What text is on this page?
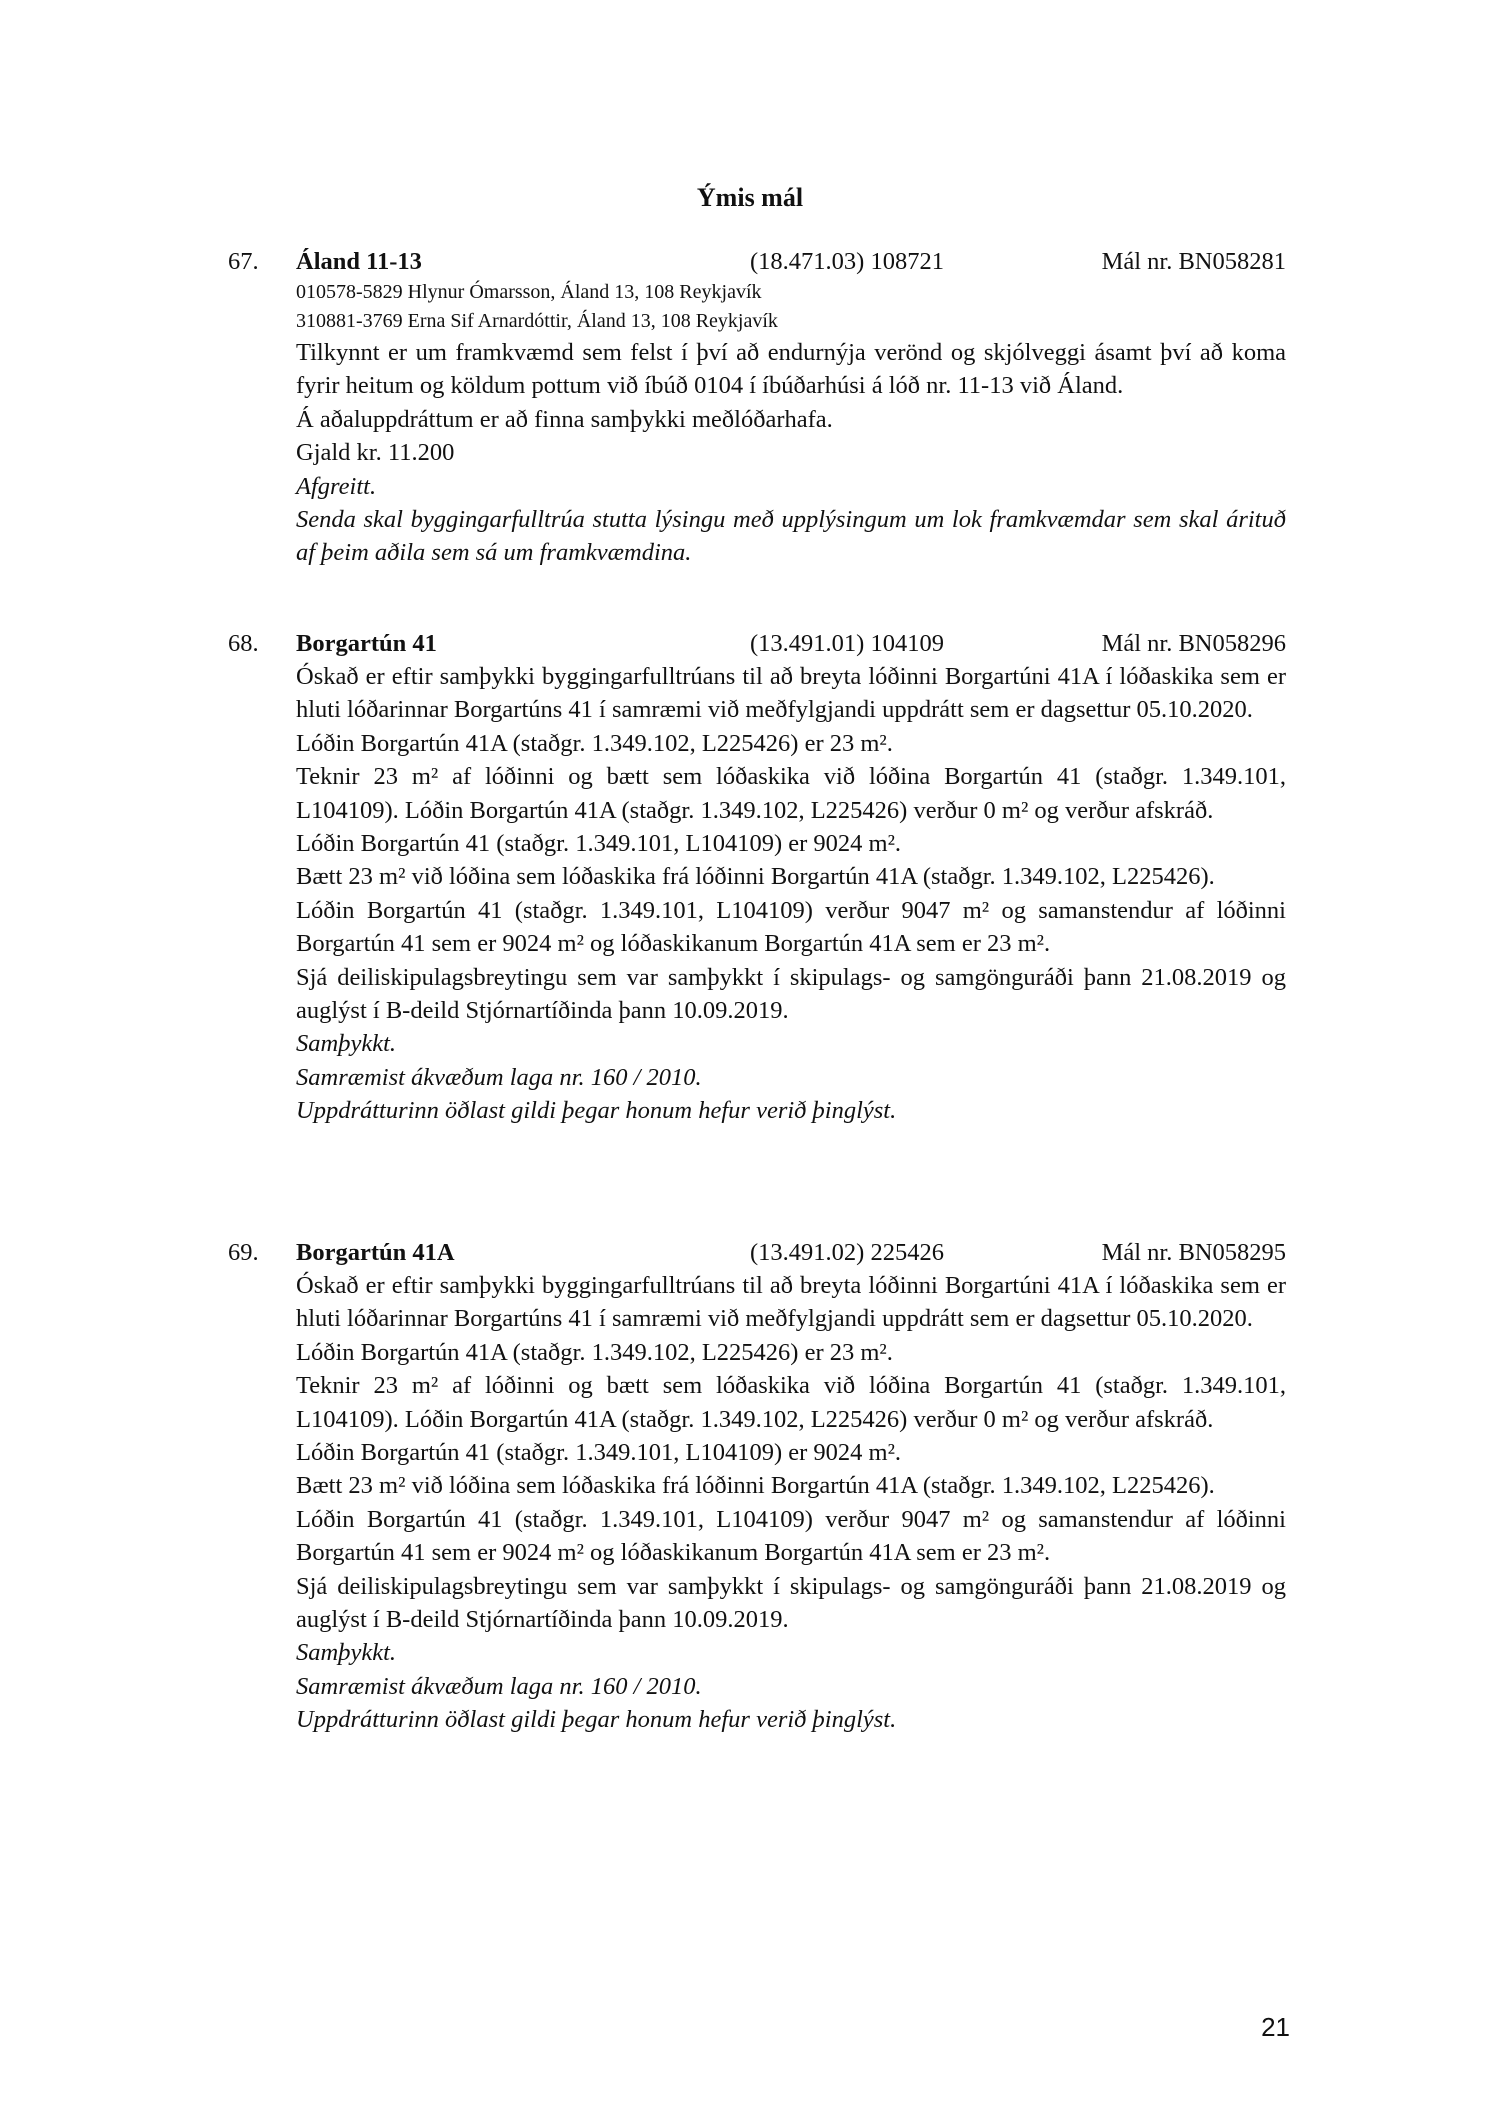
Ýmis mál
67. Áland 11-13	(18.471.03) 108721	Mál nr. BN058281
010578-5829 Hlynur Ómarsson, Áland 13, 108 Reykjavík
310881-3769 Erna Sif Arnardóttir, Áland 13, 108 Reykjavík
Tilkynnt er um framkvæmd sem felst í því að endurnýja verönd og skjólveggi ásamt því að koma fyrir heitum og köldum pottum við íbúð 0104 í íbúðarhúsi á lóð nr. 11-13 við Áland.
Á aðaluppdráttum er að finna samþykki meðlóðarhafa.
Gjald kr. 11.200
Afgreitt.
Senda skal byggingarfulltrúa stutta lýsingu með upplýsingum um lok framkvæmdar sem skal árituð af þeim aðila sem sá um framkvæmdina.
68. Borgartún 41	(13.491.01) 104109	Mál nr. BN058296
Óskað er eftir samþykki byggingarfulltrúans til að breyta lóðinni Borgartúni 41A í lóðaskika sem er hluti lóðarinnar Borgartúns 41 í samræmi við meðfylgjandi uppdrátt sem er dagsettur 05.10.2020.
Lóðin Borgartún 41A (staðgr. 1.349.102, L225426) er 23 m².
Teknir 23 m² af lóðinni og bætt sem lóðaskika við lóðina Borgartún 41 (staðgr. 1.349.101, L104109). Lóðin Borgartún 41A (staðgr. 1.349.102, L225426) verður 0 m² og verður afskráð.
Lóðin Borgartún 41 (staðgr. 1.349.101, L104109) er 9024 m².
Bætt 23 m² við lóðina sem lóðaskika frá lóðinni Borgartún 41A (staðgr. 1.349.102, L225426).
Lóðin Borgartún 41 (staðgr. 1.349.101, L104109) verður 9047 m² og samanstendur af lóðinni Borgartún 41 sem er 9024 m² og lóðaskikanum Borgartún 41A sem er 23 m².
Sjá deiliskipulagsbreytingu sem var samþykkt í skipulags- og samgönguráði þann 21.08.2019 og auglýst í B-deild Stjórnartíðinda þann 10.09.2019.
Samþykkt.
Samræmist ákvæðum laga nr. 160 / 2010.
Uppdrátturinn öðlast gildi þegar honum hefur verið þinglýst.
69. Borgartún 41A	(13.491.02) 225426	Mál nr. BN058295
Óskað er eftir samþykki byggingarfulltrúans til að breyta lóðinni Borgartúni 41A í lóðaskika sem er hluti lóðarinnar Borgartúns 41 í samræmi við meðfylgjandi uppdrátt sem er dagsettur 05.10.2020.
Lóðin Borgartún 41A (staðgr. 1.349.102, L225426) er 23 m².
Teknir 23 m² af lóðinni og bætt sem lóðaskika við lóðina Borgartún 41 (staðgr. 1.349.101, L104109). Lóðin Borgartún 41A (staðgr. 1.349.102, L225426) verður 0 m² og verður afskráð.
Lóðin Borgartún 41 (staðgr. 1.349.101, L104109) er 9024 m².
Bætt 23 m² við lóðina sem lóðaskika frá lóðinni Borgartún 41A (staðgr. 1.349.102, L225426).
Lóðin Borgartún 41 (staðgr. 1.349.101, L104109) verður 9047 m² og samanstendur af lóðinni Borgartún 41 sem er 9024 m² og lóðaskikanum Borgartún 41A sem er 23 m².
Sjá deiliskipulagsbreytingu sem var samþykkt í skipulags- og samgönguráði þann 21.08.2019 og auglýst í B-deild Stjórnartíðinda þann 10.09.2019.
Samþykkt.
Samræmist ákvæðum laga nr. 160 / 2010.
Uppdrátturinn öðlast gildi þegar honum hefur verið þinglýst.
21
